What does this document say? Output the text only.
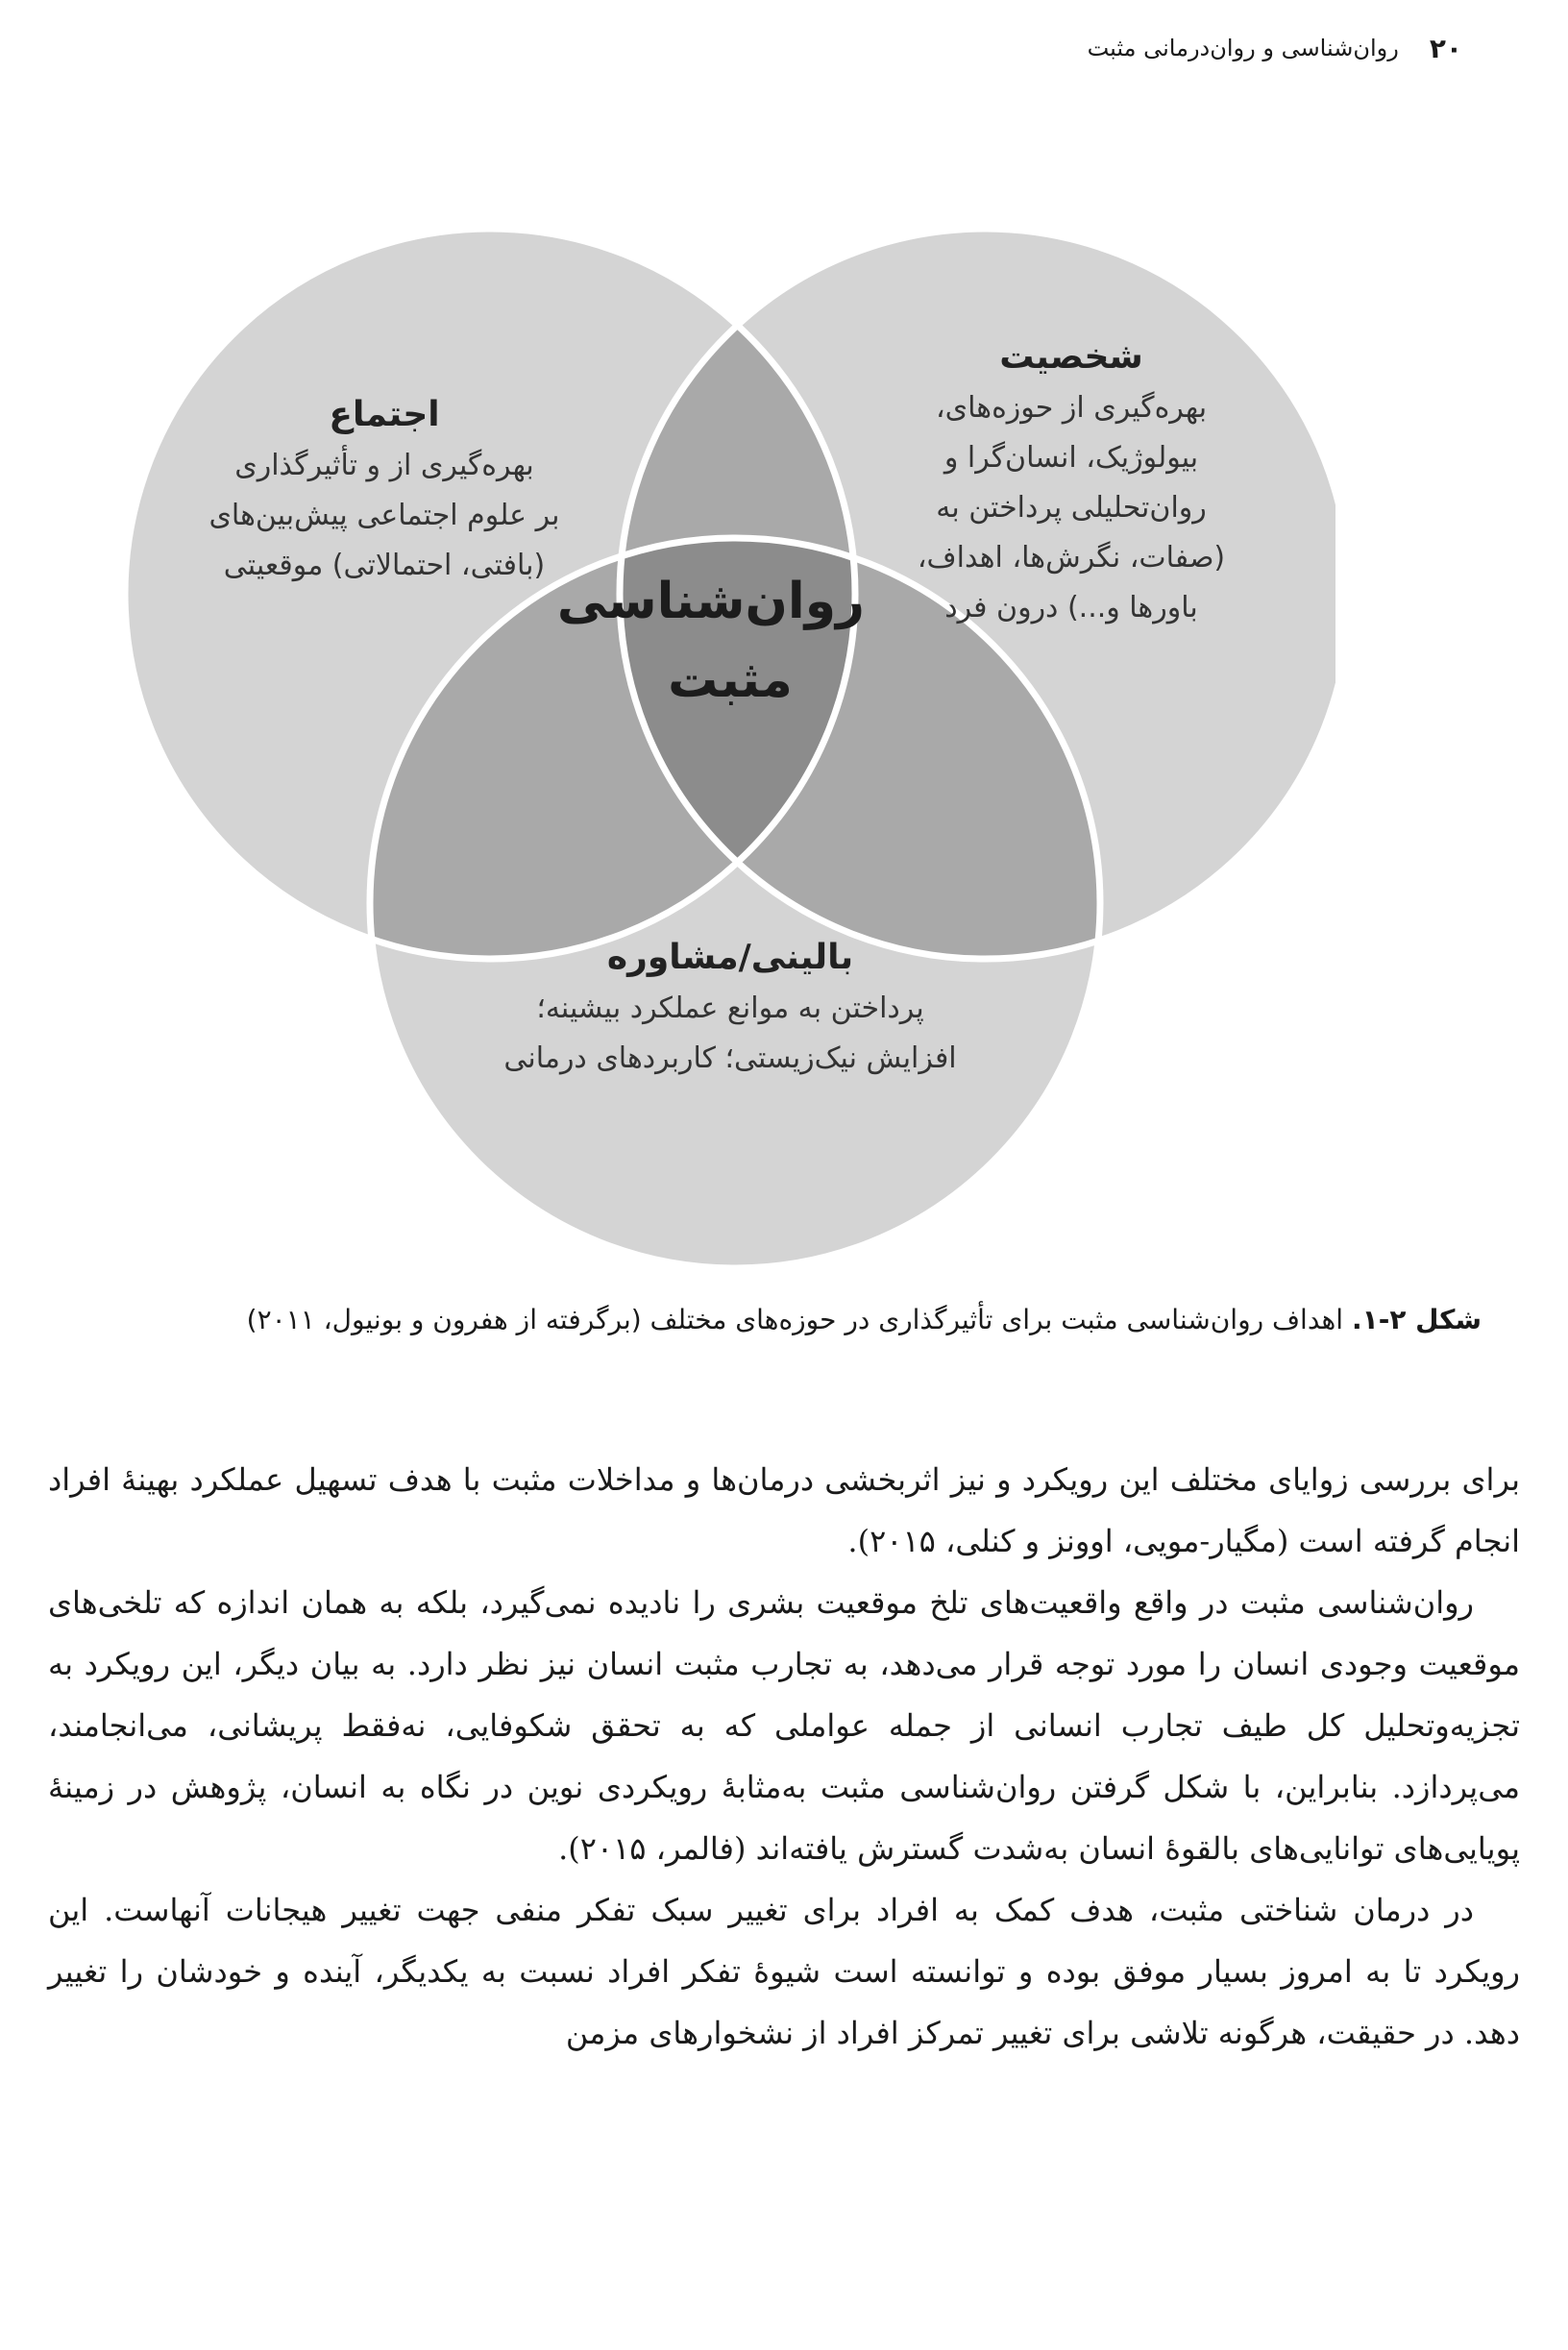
۲۰
روان‌شناسی و روان‌درمانی مثبت
اجتماع
بهره‌گیری از و تأثیرگذاری
بر علوم اجتماعی پیش‌بین‌های
(بافتی، احتمالاتی) موقعیتی
شخصیت
بهره‌گیری از حوزه‌های،
بیولوژیک، انسان‌گرا و
روان‌تحلیلی پرداختن به
(صفات، نگرش‌ها، اهداف،
باورها و...) درون فرد
بالینی/مشاوره
پرداختن به موانع عملکرد بیشینه؛
افزایش نیک‌زیستی؛ کاربردهای درمانی
روان‌شناسی
مثبت
شکل ۲-۱. اهداف روان‌شناسی مثبت برای تأثیرگذاری در حوزه‌های مختلف (برگرفته از هفرون و بونیول، ۲۰۱۱)

برای بررسی زوایای مختلف این رویکرد و نیز اثربخشی درمان‌ها و مداخلات مثبت با هدف تسهیل عملکرد بهینهٔ افراد انجام گرفته است (مگیار-مویی، اوونز و کنلی، ۲۰۱۵).

روان‌شناسی مثبت در واقع واقعیت‌های تلخ موقعیت بشری را نادیده نمی‌گیرد، بلکه به همان اندازه که تلخی‌های موقعیت وجودی انسان را مورد توجه قرار می‌دهد، به تجارب مثبت انسان نیز نظر دارد. به بیان دیگر، این رویکرد به تجزیه‌وتحلیل کل طیف تجارب انسانی از جمله عواملی که به تحقق شکوفایی، نه‌فقط پریشانی، می‌انجامند، می‌پردازد. بنابراین، با شکل گرفتن روان‌شناسی مثبت به‌مثابهٔ رویکردی نوین در نگاه به انسان، پژوهش در زمینهٔ پویایی‌های توانایی‌های بالقوهٔ انسان به‌شدت گسترش یافته‌اند (فالمر، ۲۰۱۵).

در درمان شناختی مثبت، هدف کمک به افراد برای تغییر سبک تفکر منفی جهت تغییر هیجانات آنهاست. این رویکرد تا به امروز بسیار موفق بوده و توانسته است شیوهٔ تفکر افراد نسبت به یکدیگر، آینده و خودشان را تغییر دهد. در حقیقت، هرگونه تلاشی برای تغییر تمرکز افراد از نشخوارهای مزمن
